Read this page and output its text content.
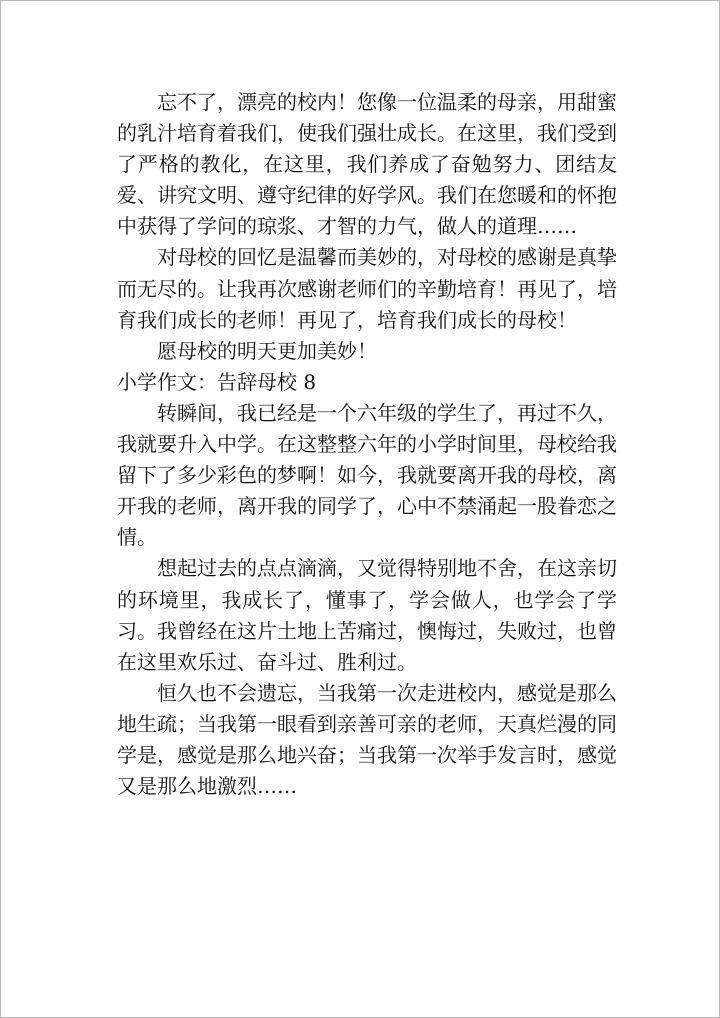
忘不了，漂亮的校内！您像一位温柔的母亲，用甜蜜的乳汁培育着我们，使我们强壮成长。在这里，我们受到了严格的教化，在这里，我们养成了奋勉努力、团结友爱、讲究文明、遵守纪律的好学风。我们在您暖和的怀抱中获得了学问的琼浆、才智的力气，做人的道理……

对母校的回忆是温馨而美妙的，对母校的感谢是真挚而无尽的。让我再次感谢老师们的辛勤培育！再见了，培育我们成长的老师！再见了，培育我们成长的母校！

愿母校的明天更加美妙！

小学作文：告辞母校 8

转瞬间，我已经是一个六年级的学生了，再过不久，我就要升入中学。在这整整六年的小学时间里，母校给我留下了多少彩色的梦啊！如今，我就要离开我的母校，离开我的老师，离开我的同学了，心中不禁涌起一股眷恋之情。

想起过去的点点滴滴，又觉得特别地不舍，在这亲切的环境里，我成长了，懂事了，学会做人，也学会了学习。我曾经在这片土地上苦痛过，懊悔过，失败过，也曾在这里欢乐过、奋斗过、胜利过。

恒久也不会遗忘，当我第一次走进校内，感觉是那么地生疏；当我第一眼看到亲善可亲的老师，天真烂漫的同学是，感觉是那么地兴奋；当我第一次举手发言时，感觉又是那么地激烈……
